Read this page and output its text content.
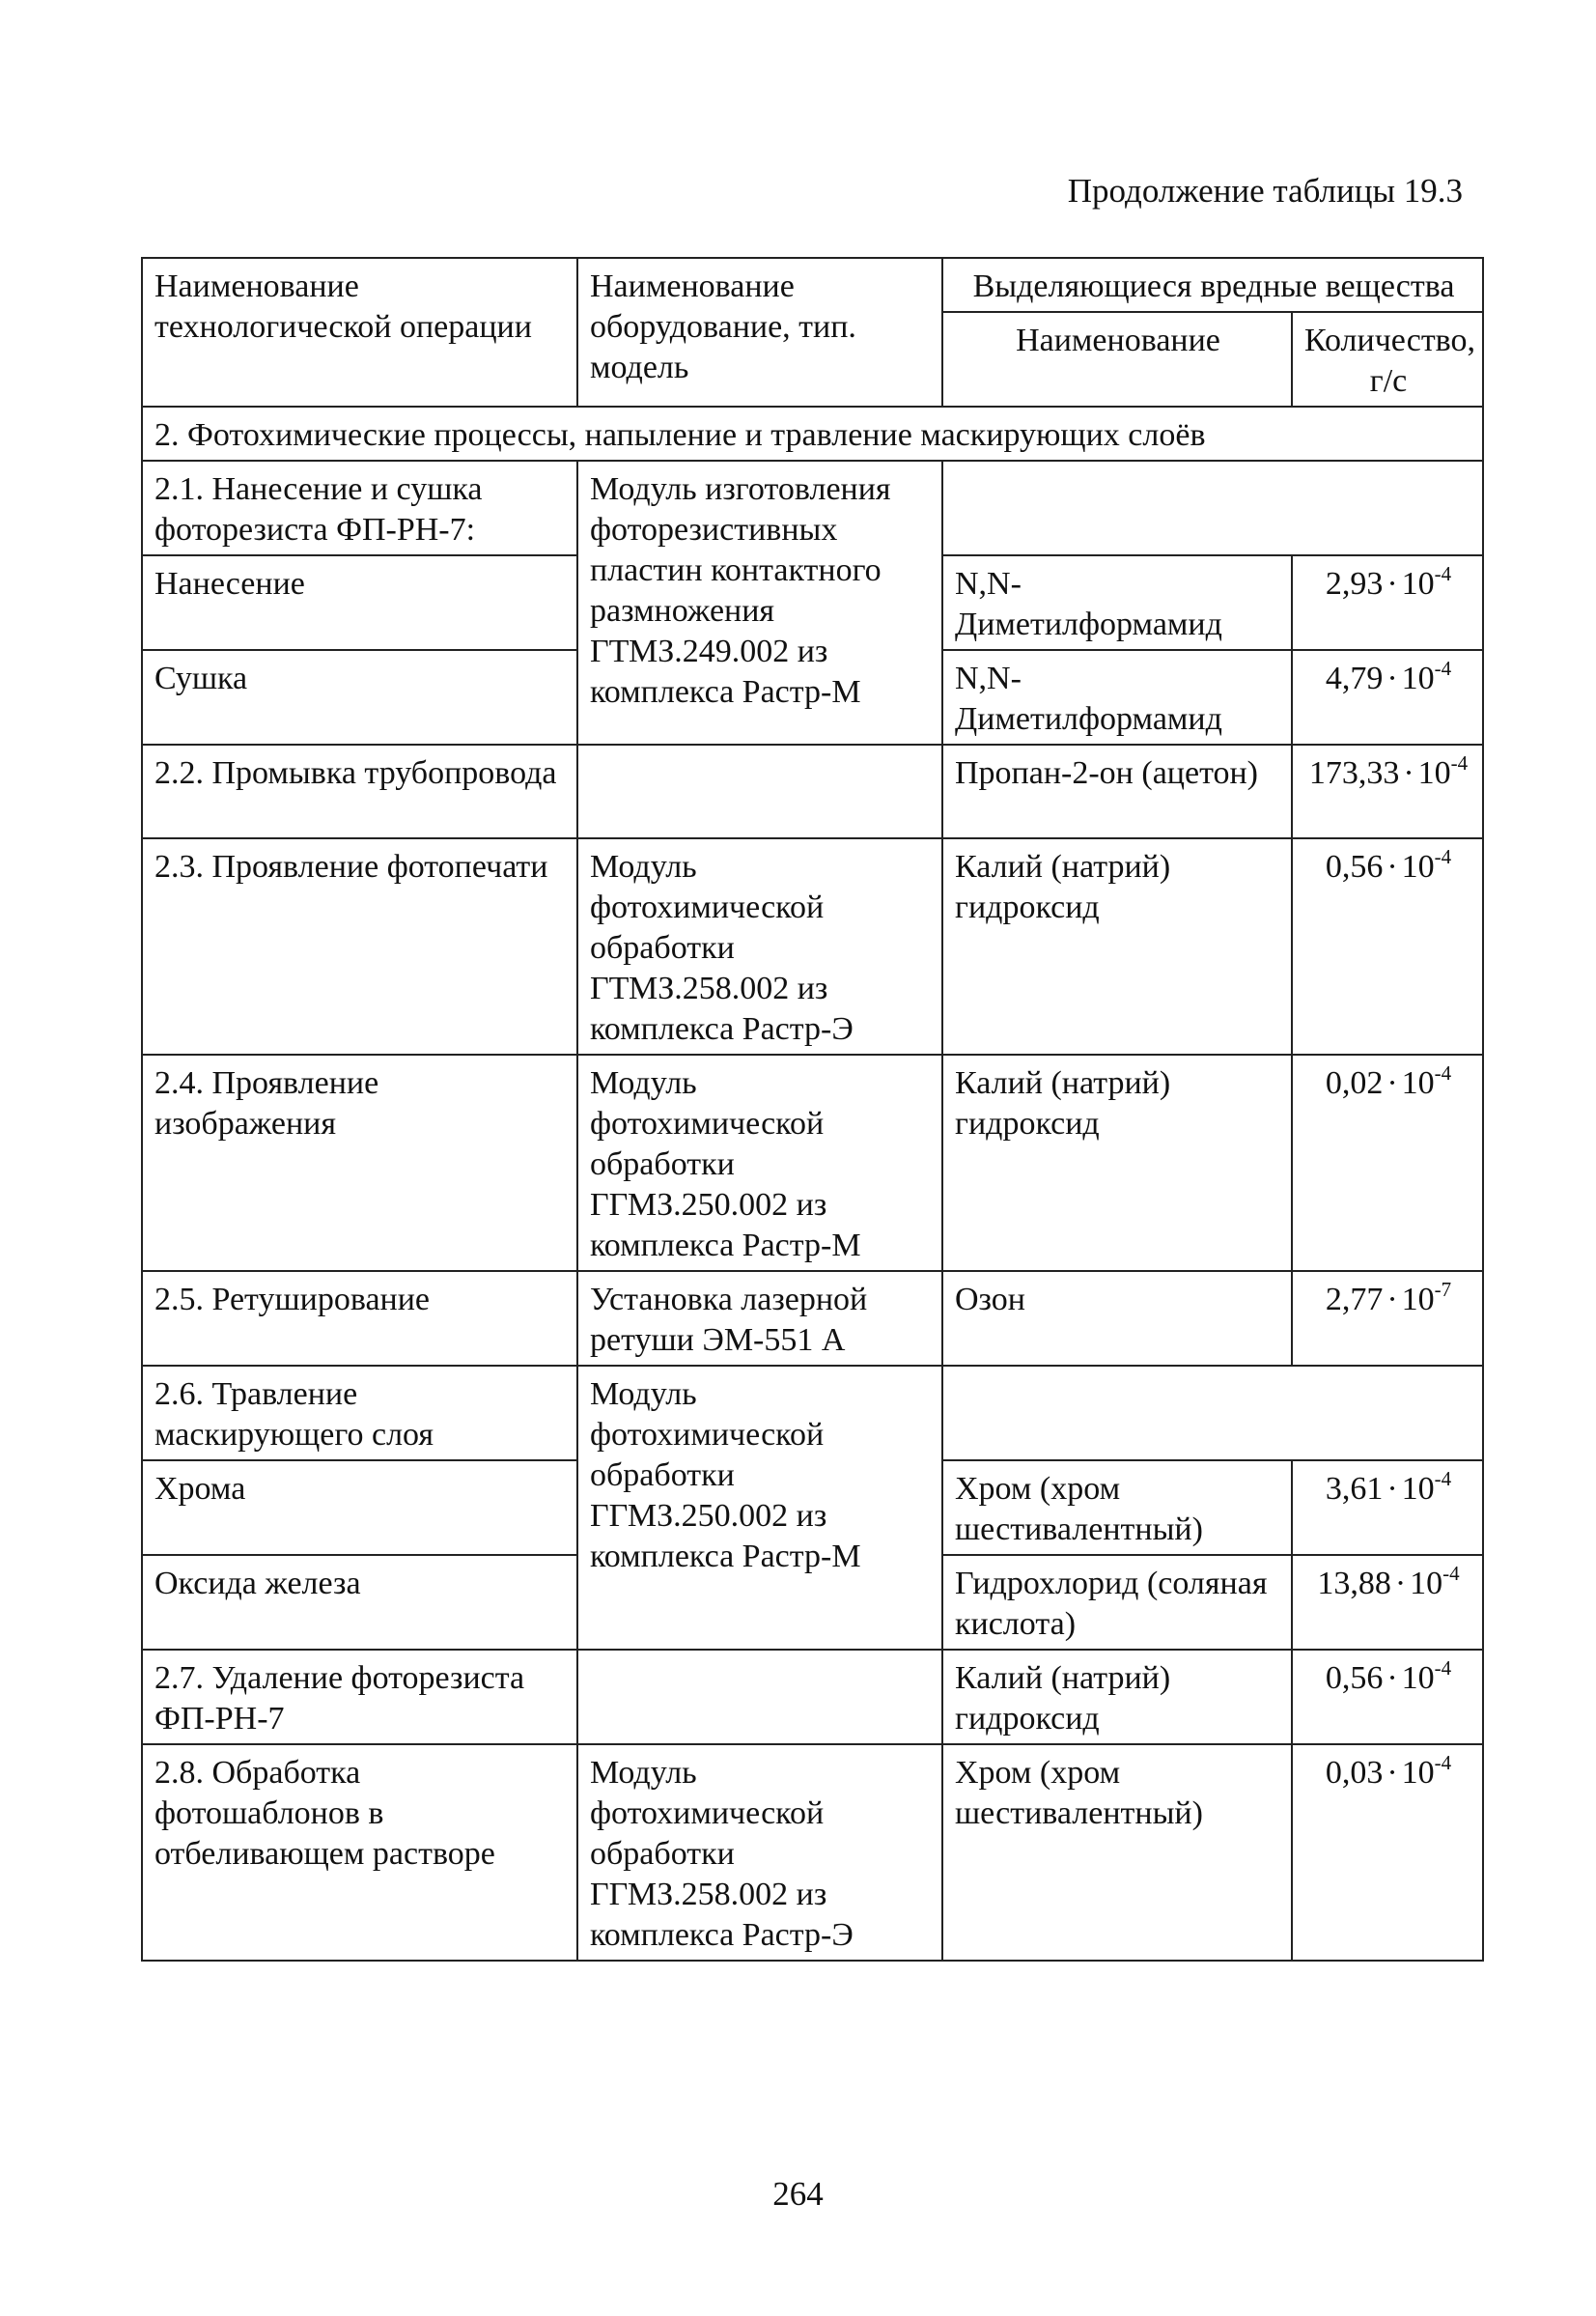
Продолжение таблицы 19.3
Наименование технологической операции	Наименование оборудование, тип. модель	Выделяющиеся вредные вещества	
		Наименование	Количество, г/с
2. Фотохимические процессы, напыление и травление маскирующих слоёв			
2.1. Нанесение и сушка фоторезиста ФП-РН-7:	Модуль изготовления фоторезистивных пластин контактного размножения ГТМЗ.249.002 из комплекса Растр-М		
Нанесение		N,N-Диметилформамид	$2,93 \cdot 10^{-4}$
Сушка		N,N-Диметилформамид	$4,79 \cdot 10^{-4}$
2.2. Промывка трубопровода		Пропан-2-он (ацетон)	$173,33 \cdot 10^{-4}$
2.3. Проявление фотопечати	Модуль фотохимической обработки ГТМЗ.258.002 из комплекса Растр-Э	Калий (натрий) гидроксид	$0,56 \cdot 10^{-4}$
2.4. Проявление изображения	Модуль фотохимической обработки ГГМЗ.250.002 из комплекса Растр-М	Калий (натрий) гидроксид	$0,02 \cdot 10^{-4}$
2.5. Ретуширование	Установка лазерной ретуши ЭМ-551 А	Озон	$2,77 \cdot 10^{-7}$
2.6. Травление маскирующего слоя	Модуль фотохимической обработки ГГМЗ.250.002 из комплекса Растр-М		
Хрома		Хром (хром шестивалентный)	$3,61 \cdot 10^{-4}$
Оксида железа		Гидрохлорид (соляная кислота)	$13,88 \cdot 10^{-4}$
2.7. Удаление фоторезиста ФП-РН-7		Калий (натрий) гидроксид	$0,56 \cdot 10^{-4}$
2.8. Обработка фотошаблонов в отбеливающем растворе	Модуль фотохимической обработки ГГМЗ.258.002 из комплекса Растр-Э	Хром (хром шестивалентный)	$0,03 \cdot 10^{-4}$
264
